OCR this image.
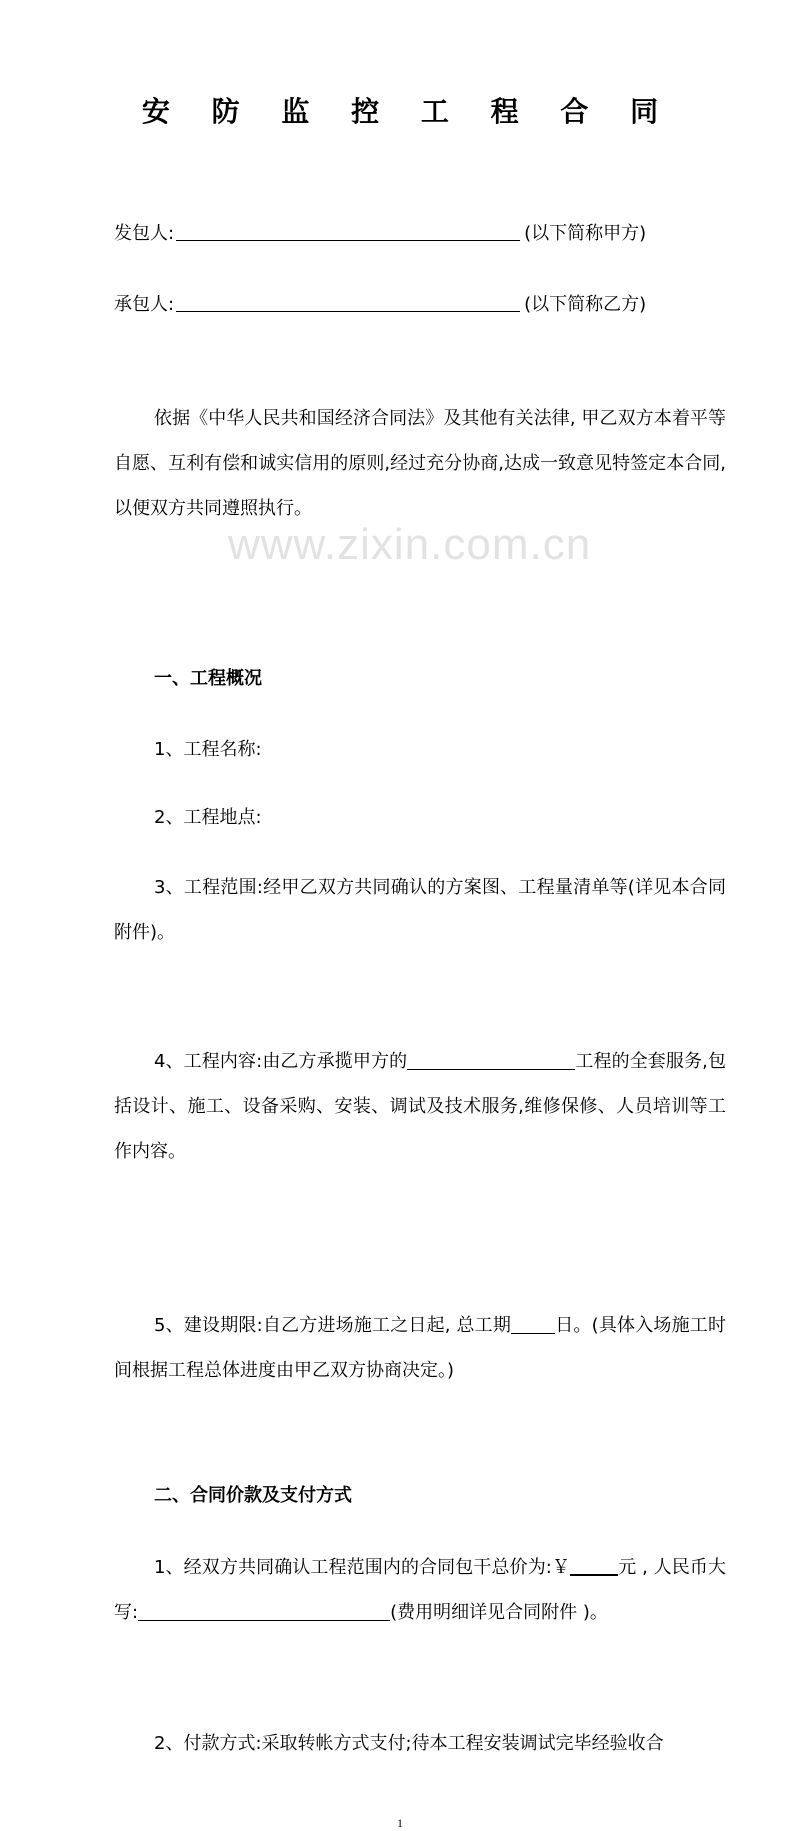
www.zixin.com.cn
安 防 监 控 工 程 合 同
发包人:	(以下简称甲方)
承包人:	(以下简称乙方)
依据《中华人民共和国经济合同法》及其他有关法律, 甲乙双方本着平等自愿、互利有偿和诚实信用的原则,经过充分协商,达成一致意见特签定本合同,以便双方共同遵照执行。
一、工程概况
1、工程名称:
2、工程地点:
3、工程范围:经甲乙双方共同确认的方案图、工程量清单等(详见本合同附件)。
4、工程内容:由乙方承揽甲方的	工程的全套服务,包括设计、施工、设备采购、安装、调试及技术服务,维修保修、人员培训等工作内容。
5、建设期限:自乙方进场施工之日起, 总工期 日。(具体入场施工时间根据工程总体进度由甲乙双方协商决定。)
二、合同价款及支付方式
1、经双方共同确认工程范围内的合同包干总价为:￥	元 , 人民币大写:	(费用明细详见合同附件 )。
2、付款方式:采取转帐方式支付;待本工程安装调试完毕经验收合
1
